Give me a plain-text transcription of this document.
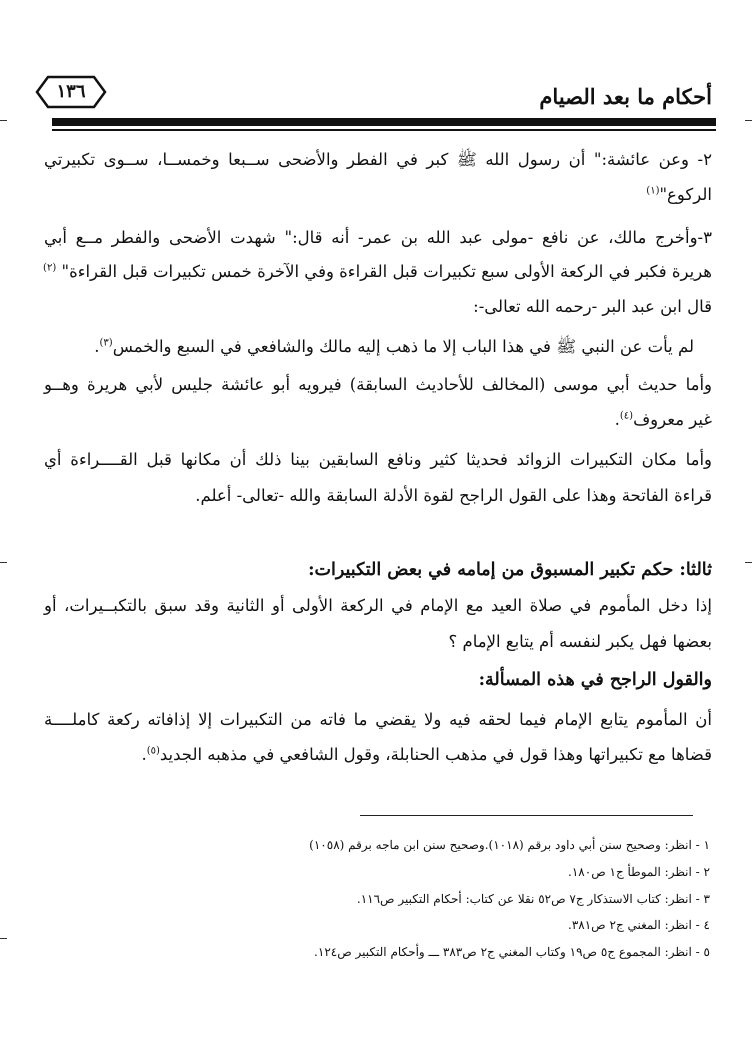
أحكام ما بعد الصيام
١٣٦
٢- وعن عائشة:" أن رسول الله ﷺ كبر في الفطر والأضحى ســبعا وخمســا، ســوى تكبيرتي
الركوع"$^{(١)}$
٣-وأخرج مالك، عن نافع -مولى عبد الله بن عمر- أنه قال:" شهدت الأضحى والفطر مــع أبي
هريرة فكبر في الركعة الأولى سبع تكبيرات قبل القراءة وفي الآخرة خمس تكبيرات قبل القراءة" $^{(٢)}$
قال ابن عبد البر -رحمه الله تعالى-:
لم يأت عن النبي ﷺ في هذا الباب إلا ما ذهب إليه مالك والشافعي في السبع والخمس$^{(٣)}$.
وأما حديث أبي موسى (المخالف للأحاديث السابقة) فيرويه أبو عائشة جليس لأبي هريرة وهــو
غير معروف$^{(٤)}$.
وأما مكان التكبيرات الزوائد فحديثا كثير ونافع السابقين بينا ذلك أن مكانها قبل القــــراءة أي
قراءة الفاتحة وهذا على القول الراجح لقوة الأدلة السابقة والله -تعالى- أعلم.
ثالثا: حكم تكبير المسبوق من إمامه في بعض التكبيرات:
إذا دخل المأموم في صلاة العيد مع الإمام في الركعة الأولى أو الثانية وقد سبق بالتكبــيرات، أو
بعضها فهل يكبر لنفسه أم يتابع الإمام ؟
والقول الراجح في هذه المسألة:
أن المأموم يتابع الإمام فيما لحقه فيه ولا يقضي ما فاته من التكبيرات إلا إذافاته ركعة كاملــــة
قضاها مع تكبيراتها وهذا قول في مذهب الحنابلة، وقول الشافعي في مذهبه الجديد$^{(٥)}$.
١ - انظر: وصحيح سنن أبي داود برقم (١٠١٨).وصحيح سنن ابن ماجه برقم (١٠٥٨)
٢ - انظر: الموطأ ج١ ص١٨٠.
٣ - انظر: كتاب الاستذكار ج٧ ص٥٢ نقلا عن كتاب: أحكام التكبير ص١١٦.
٤ - انظر: المغني ج٢ ص٣٨١.
٥ - انظر: المجموع ج٥ ص١٩ وكتاب المغني ج٢ ص٣٨٣ ـــ وأحكام التكبير ص١٢٤.
